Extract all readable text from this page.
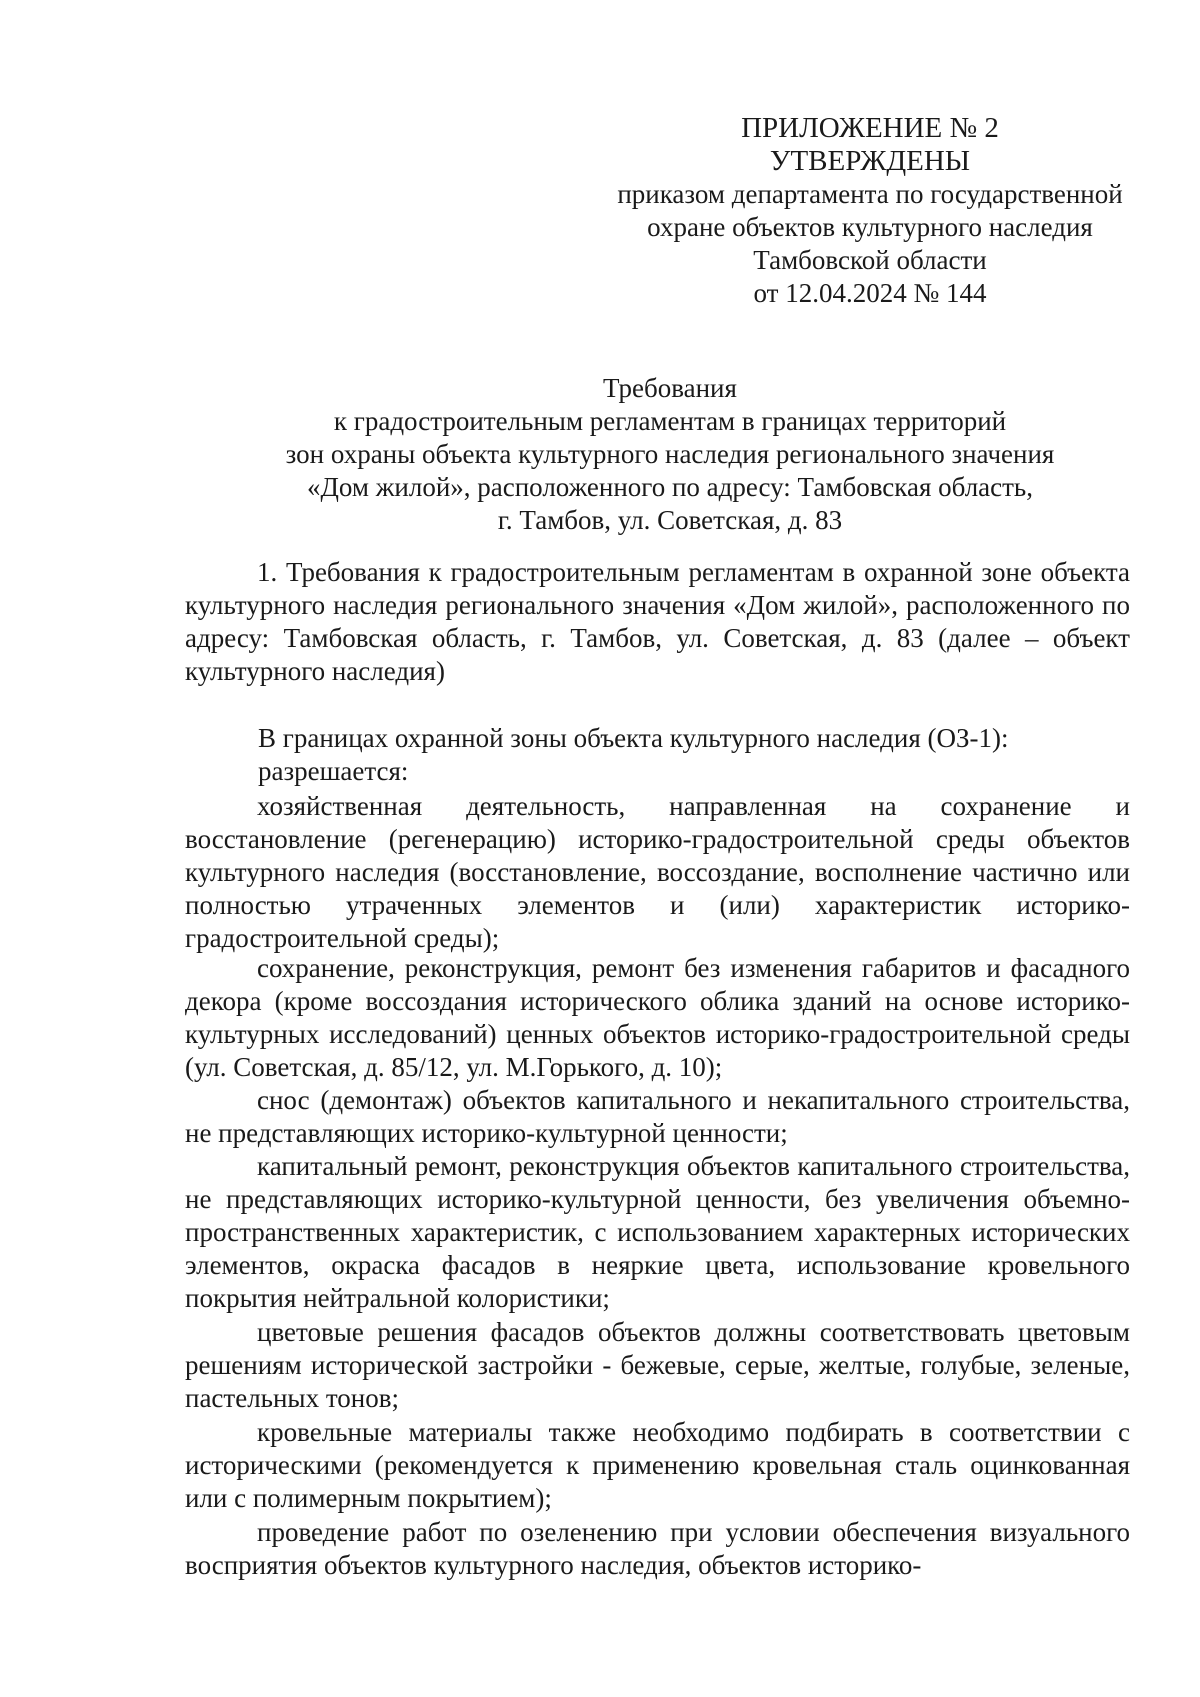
ПРИЛОЖЕНИЕ № 2
УТВЕРЖДЕНЫ
приказом департамента по государственной
охране объектов культурного наследия
Тамбовской области
от 12.04.2024 № 144
Требования
к градостроительным регламентам в границах территорий
зон охраны объекта культурного наследия регионального значения
«Дом жилой», расположенного по адресу: Тамбовская область,
г. Тамбов, ул. Советская, д. 83

1. Требования к градостроительным регламентам в охранной зоне объекта культурного наследия регионального значения «Дом жилой», расположенного по адресу: Тамбовская область, г. Тамбов, ул. Советская, д. 83 (далее – объект культурного наследия)

В границах охранной зоны объекта культурного наследия (ОЗ-1):

разрешается:

хозяйственная деятельность, направленная на сохранение и восстановление (регенерацию) историко-градостроительной среды объектов культурного наследия (восстановление, воссоздание, восполнение частично или полностью утраченных элементов и (или) характеристик историко-градостроительной среды);

сохранение, реконструкция, ремонт без изменения габаритов и фасадного декора (кроме воссоздания исторического облика зданий на основе историко-культурных исследований) ценных объектов историко-градостроительной среды (ул. Советская, д. 85/12, ул. М.Горького, д. 10);

снос (демонтаж) объектов капитального и некапитального строительства, не представляющих историко-культурной ценности;

капитальный ремонт, реконструкция объектов капитального строительства, не представляющих историко-культурной ценности, без увеличения объемно-пространственных характеристик, с использованием характерных исторических элементов, окраска фасадов в неяркие цвета, использование кровельного покрытия нейтральной колористики;

цветовые решения фасадов объектов должны соответствовать цветовым решениям исторической застройки - бежевые, серые, желтые, голубые, зеленые, пастельных тонов;

кровельные материалы также необходимо подбирать в соответствии с историческими (рекомендуется к применению кровельная сталь оцинкованная или с полимерным покрытием);

проведение работ по озеленению при условии обеспечения визуального восприятия объектов культурного наследия, объектов историко-
